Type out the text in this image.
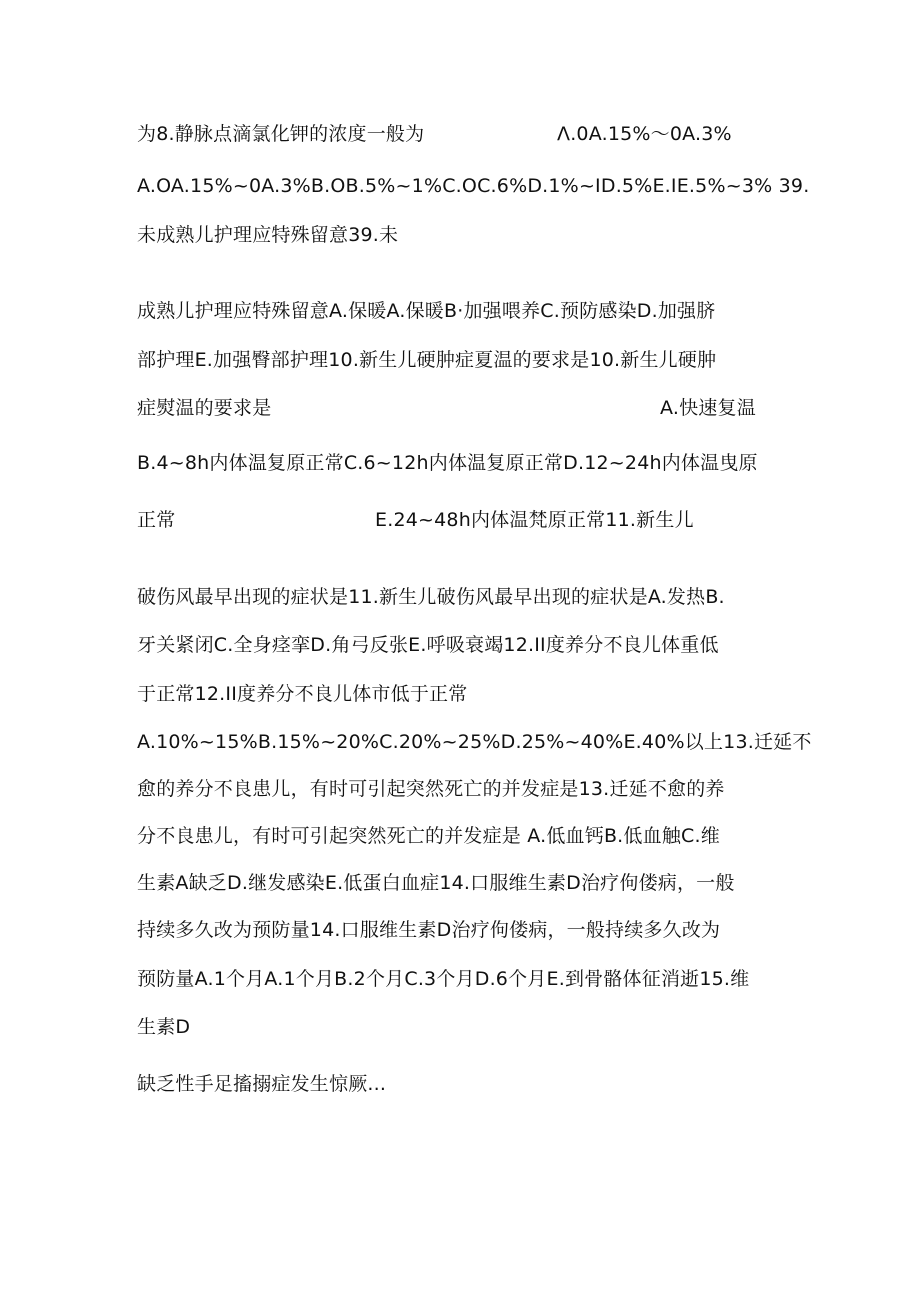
为8.静脉点滴氯化钾的浓度一般为	Λ.0A.15%～0A.3%
A.OA.15%~0A.3%B.OB.5%~1%C.OC.6%D.1%~ID.5%E.IE.5%~3% 39.
未成熟儿护理应特殊留意39.未
成熟儿护理应特殊留意A.保暖A.保暖B·加强喂养C.预防感染D.加强脐
部护理E.加强臀部护理10.新生儿硬肿症夏温的要求是10.新生儿硬肿
症熨温的要求是	A.快速复温
B.4~8h内体温复原正常C.6~12h内体温复原正常D.12~24h内体温曳原
正常	E.24~48h内体温梵原正常11.新生儿
破伤风最早出现的症状是11.新生儿破伤风最早出现的症状是A.发热B.
牙关紧闭C.全身痉挛D.角弓反张E.呼吸衰竭12.II度养分不良儿体重低
于正常12.II度养分不良儿体市低于正常
A.10%~15%B.15%~20%C.20%~25%D.25%~40%E.40%以上13.迁延不
愈的养分不良患儿，有时可引起突然死亡的并发症是13.迁延不愈的养
分不良患儿，有时可引起突然死亡的并发症是 A.低血钙B.低血触C.维
生素A缺乏D.继发感染E.低蛋白血症14.口服维生素D治疗佝偻病，一般
持续多久改为预防量14.口服维生素D治疗佝偻病，一般持续多久改为
预防量A.1个月A.1个月B.2个月C.3个月D.6个月E.到骨骼体征消逝15.维
生素D
缺乏性手足搐搦症发生惊厥...
